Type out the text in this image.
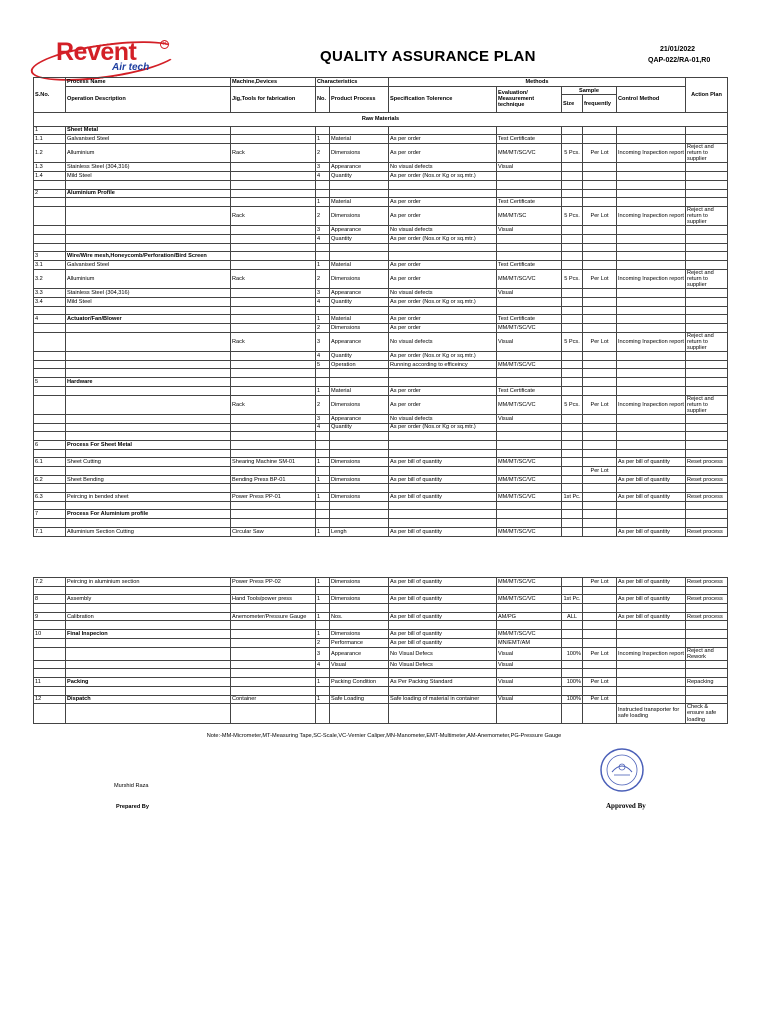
Revent
Air tech
R
QUALITY ASSURANCE PLAN	21/01/2022
QAP-022/RA-01,R0
S.No.	Process Name	Machine,Devices	Characteristics		Methods					Action Plan
	Operation Description	Jig,Tools for fabrication	No.	Product Process	Specification Tolerence	Evaluation/ Measurement technique	Sample		Control Method	
							Size	frequently		
Raw Materials										
1	Sheet Metal									
1.1	Galvanised Steel		1	Material	As per order	Test Certificate				
1.2	Alluminium	Rack	2	Dimensions	As per order	MM/MT/SC/VC	5 Pcs.	Per Lot	Incoming Inspection report	Reject and return to supplier
1.3	Stainless Steel (304,316)		3	Appearance	No visual defects	Visual				
1.4	Mild Steel		4	Quantity	As per order (Nos.or Kg or sq.mtr.)					

2	Aluminium Profile									
			1	Material	As per order	Test Certificate				
		Rack	2	Dimensions	As per order	MM/MT/SC	5 Pcs.	Per Lot	Incoming Inspection report	Reject and return to supplier
			3	Appearance	No visual defects	Visual				
			4	Quantity	As per order (Nos.or Kg or sq.mtr.)					

3	Wire/Wire mesh,Honeycomb/Perforation/Bird Screen									
3.1	Galvanised Steel		1	Material	As per order	Test Certificate				
3.2	Alluminium	Rack	2	Dimensions	As per order	MM/MT/SC/VC	5 Pcs.	Per Lot	Incoming Inspection report	Reject and return to supplier
3.3	Stainless Steel (304,316)		3	Appearance	No visual defects	Visual				
3.4	Mild Steel		4	Quantity	As per order (Nos.or Kg or sq.mtr.)					

4	Actuator/Fan/Blower		1	Material	As per order	Test Certificate				
			2	Dimensions	As per order	MM/MT/SC/VC				
		Rack	3	Appearance	No visual defects	Visual	5 Pcs.	Per Lot	Incoming Inspection report	Reject and return to supplier
			4	Quantity	As per order (Nos.or Kg or sq.mtr.)					
			5	Operation	Running according to efficeincy	MM/MT/SC/VC				

5	Hardware									
			1	Material	As per order	Test Certificate				
		Rack	2	Dimensions	As per order	MM/MT/SC/VC	5 Pcs.	Per Lot	Incoming Inspection report	Reject and return to supplier
			3	Appearance	No visual defects	Visual				
			4	Quantity	As per order (Nos.or Kg or sq.mtr.)					

6	Process For Sheet Metal									

6.1	Sheet Cutting	Shearing Machine SM-01	1	Dimensions	As per bill of quantity	MM/MT/SC/VC			As per bill of quantity	Reset process
								Per Lot		
6.2	Sheet Bending	Bending Press BP-01	1	Dimensions	As per bill of quantity	MM/MT/SC/VC			As per bill of quantity	Reset process

6.3	Peircing in bended sheet	Power Press PP-01	1	Dimensions	As per bill of quantity	MM/MT/SC/VC	1st Pc.		As per bill of quantity	Reset process

7	Process For Aluminium profile									

7.1	Alluminium Section Cutting	Circular Saw	1	Lengh	As per bill of quantity	MM/MT/SC/VC			As per bill of quantity	Reset process
7.2	Peircing in aluminium section	Power Press PP-02	1	Dimensions	As per bill of quantity	MM/MT/SC/VC		Per Lot	As per bill of quantity	Reset process

8	Assembly	Hand Tools/power press	1	Dimensions	As per bill of quantity	MM/MT/SC/VC	1st Pc.		As per bill of quantity	Reset process

9	Calibration	Anemometer/Pressure Gauge	1	Nos.	As per bill of quantity	AM/PG	ALL		As per bill of quantity	Reset process

10	Final Inspecion		1	Dimensions	As per bill of quantity	MM/MT/SC/VC				
			2	Performance	As per bill of quantity	MN/EMT/AM				
			3	Appearance	No Visual Defecs	Visual	100%	Per Lot	Incoming Inspection report	Reject and Rework
			4	Visual	No Visual Defecs	Visual				

11	Packing		1	Packing Condition	As Per Packing Standard	Visual	100%	Per Lot		Repacking

12	Dispatch	Container	1	Safe Loading	Safe loading of material in container	Visual	100%	Per Lot		
									Instructed transporter for safe loading	Check & ensure safe loading
Note:-MM-Micrometer,MT-Measuring Tape,SC-Scale,VC-Vernier Caliper,MN-Manometer,EMT-Multimeter,AM-Anemometer,PG-Pressure Gauge
Murshid Raza
Prepared By	Approved By
